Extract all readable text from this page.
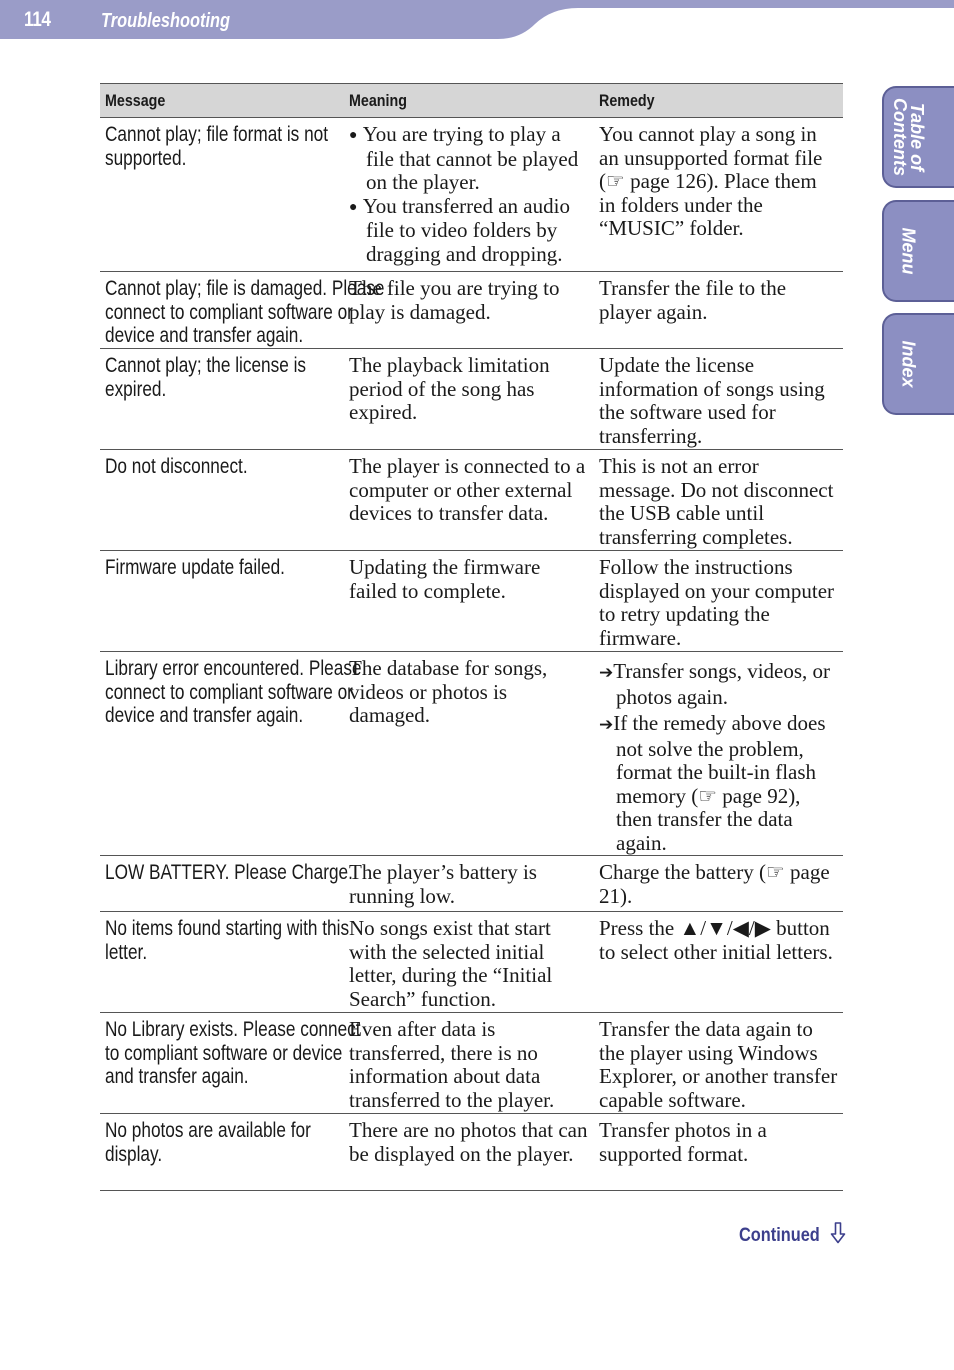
114	Troubleshooting
Table of
Contents
Menu
Index
Message	Meaning	Remedy

Cannot play; file format is not
supported.	● You are trying to play a file that cannot be played on the player.
● You transferred an audio file to video folders by dragging and dropping.	You cannot play a song in an unsupported format file (☞ page 126). Place them in folders under the “MUSIC” folder.

Cannot play; file is damaged. Please
connect to compliant software or
device and transfer again.	The file you are trying to play is damaged.	Transfer the file to the player again.

Cannot play; the license is
expired.	The playback limitation period of the song has expired.	Update the license information of songs using the software used for transferring.

Do not disconnect.	The player is connected to a computer or other external devices to transfer data.	This is not an error message. Do not disconnect the USB cable until transferring completes.

Firmware update failed.	Updating the firmware failed to complete.	Follow the instructions displayed on your computer to retry updating the firmware.

Library error encountered. Please
connect to compliant software or
device and transfer again.	The database for songs, videos or photos is damaged.	➔Transfer songs, videos, or photos again.
➔If the remedy above does not solve the problem, format the built-in flash memory (☞ page 92), then transfer the data again.

LOW BATTERY. Please Charge.	The player’s battery is running low.	Charge the battery (☞ page 21).

No items found starting with this
letter.	No songs exist that start with the selected initial letter, during the “Initial Search” function.	Press the ▲/▼/◀/▶ button to select other initial letters.

No Library exists. Please connect
to compliant software or device
and transfer again.	Even after data is transferred, there is no information about data transferred to the player.	Transfer the data again to the player using Windows Explorer, or another transfer capable software.

No photos are available for
display.	There are no photos that can be displayed on the player.	Transfer photos in a supported format.
Continued
